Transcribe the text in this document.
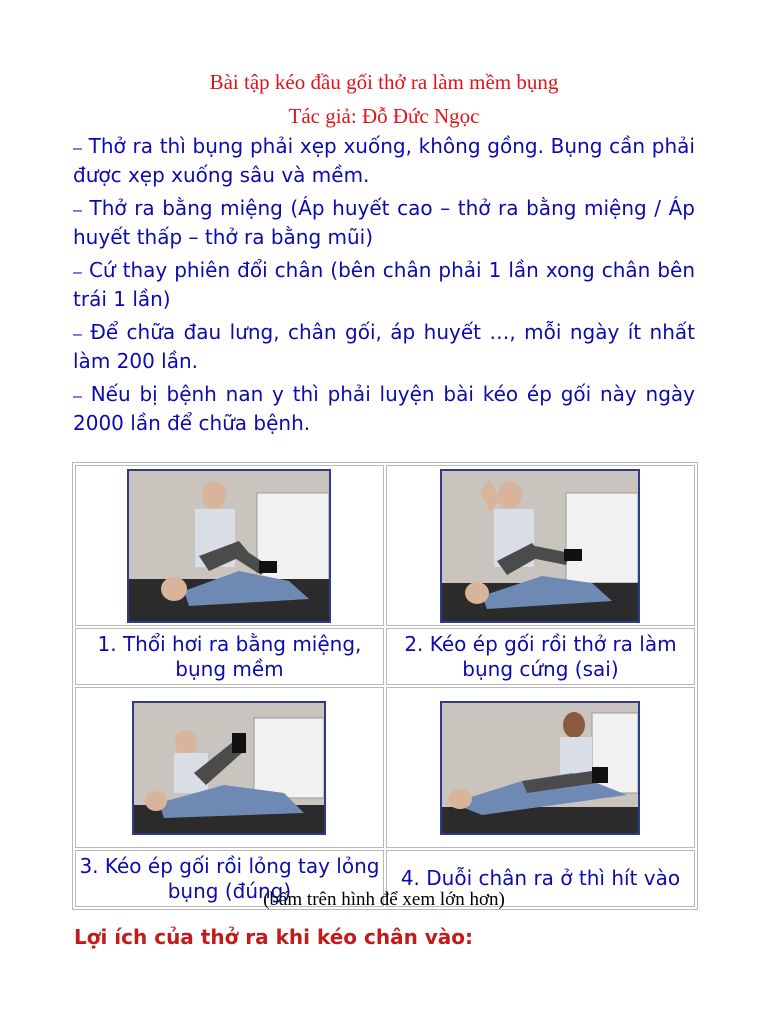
Bài tập kéo đầu gối thở ra làm mềm bụng
Tác giả: Đỗ Đức Ngọc

– Thở ra thì bụng phải xẹp xuống, không gồng. Bụng cần phải được xẹp xuống sâu và mềm.

– Thở ra bằng miệng (Áp huyết cao – thở ra bằng miệng / Áp huyết thấp – thở ra bằng mũi)

– Cứ thay phiên đổi chân (bên chân phải 1 lần xong chân bên trái 1 lần)

– Để chữa đau lưng, chân gối, áp huyết …, mỗi ngày ít nhất làm 200 lần.

– Nếu bị bệnh nan y thì phải luyện bài kéo ép gối này ngày 2000 lần để chữa bệnh.

1. Thổi hơi ra bằng miệng, bụng mềm	2. Kéo ép gối rồi thở ra làm bụng cứng (sai)

3. Kéo ép gối rồi lỏng tay lỏng bụng (đúng)	4. Duỗi chân ra ở thì hít vào
(bấm trên hình để xem lớn hơn)
Lợi ích của thở ra khi kéo chân vào:
